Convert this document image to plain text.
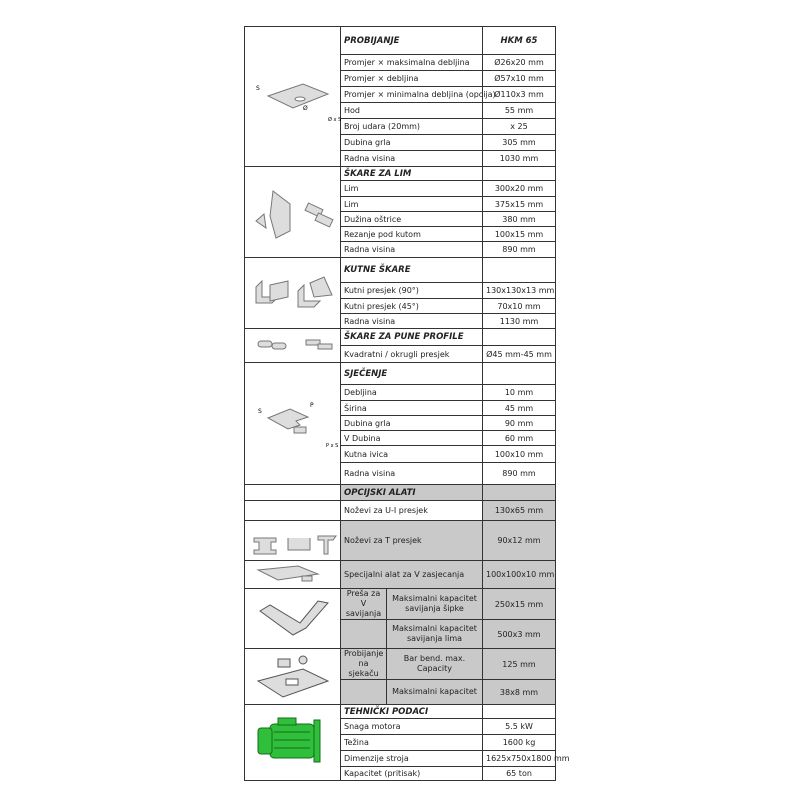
S
Ø
Ø x S	PROBIJANJE		HKM 65
	Promjer × maksimalna debljina		Ø26x20 mm
	Promjer × debljina		Ø57x10 mm
	Promjer × minimalna debljina (opcija)		Ø110x3 mm
	Hod		55 mm
	Broj udara (20mm)		x 25
	Dubina grla		305 mm
	Radna visina		1030 mm
	ŠKARE ZA LIM		
	Lim		300x20 mm
	Lim		375x15 mm
	Dužina oštrice		380 mm
	Rezanje pod kutom		100x15 mm
	Radna visina		890 mm
	KUTNE ŠKARE		
	Kutni presjek (90°)		130x130x13 mm
	Kutni presjek (45°)		70x10 mm
	Radna visina		1130 mm
	ŠKARE ZA PUNE PROFILE		
	Kvadratni / okrugli presjek		Ø45 mm-45 mm

S
P
P x S	SJEČENJE		
	Debljina		10 mm
	Širina		45 mm
	Dubina grla		90 mm
	V Dubina		60 mm
	Kutna ivica		100x10 mm
	Radna visina		890 mm
	OPCIJSKI ALATI		
	Noževi za U-I presjek		130x65 mm
	Noževi za T presjek		90x12 mm
	Specijalni alat za V zasjecanja		100x100x10 mm
	Preša za V savijanja	Maksimalni kapacitet savijanja šipke	250x15 mm
		Maksimalni kapacitet savijanja lima	500x3 mm
	Probijanje na sjekaču	Bar bend. max. Capacity	125 mm
		Maksimalni kapacitet	38x8 mm
	TEHNIČKI PODACI		
	Snaga motora		5.5 kW
	Težina		1600 kg
	Dimenzije stroja		1625x750x1800 mm
	Kapacitet (pritisak)		65 ton
